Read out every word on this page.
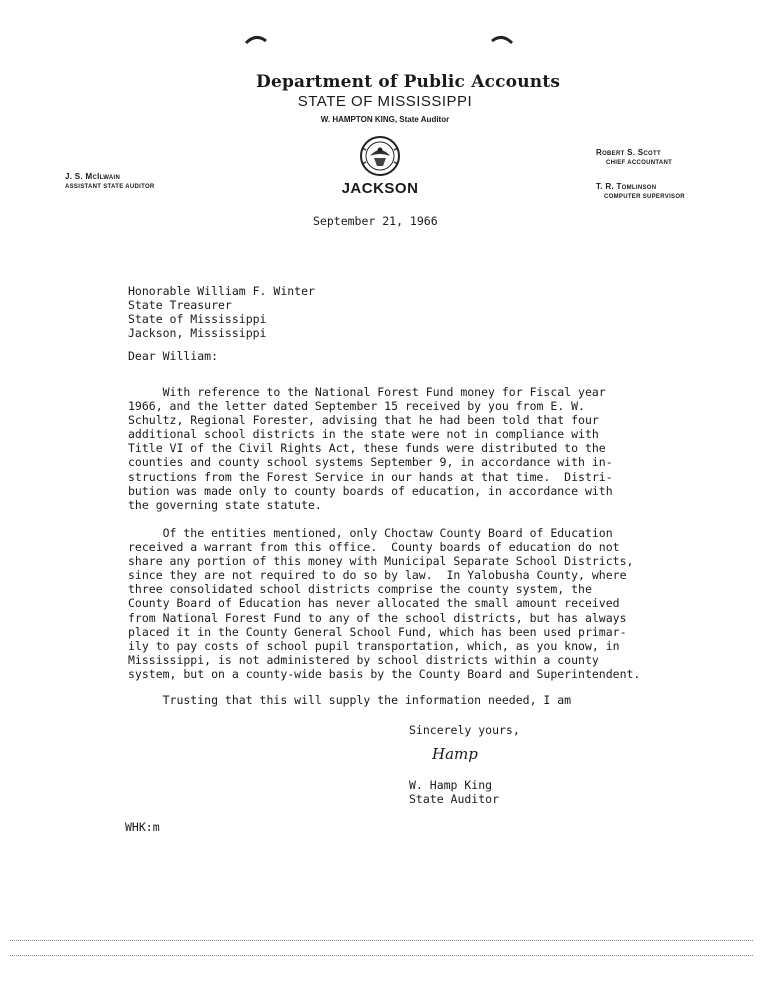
Department of Public Accounts
STATE OF MISSISSIPPI
W. HAMPTON KING, State Auditor
JACKSON
J. S. McIlwain
ASSISTANT STATE AUDITOR
Robert S. Scott
CHIEF ACCOUNTANT
T. R. Tomlinson
COMPUTER SUPERVISOR
September 21, 1966
Honorable William F. Winter
State Treasurer
State of Mississippi
Jackson, Mississippi
Dear William:
With reference to the National Forest Fund money for Fiscal year
1966, and the letter dated September 15 received by you from E. W.
Schultz, Regional Forester, advising that he had been told that four
additional school districts in the state were not in compliance with
Title VI of the Civil Rights Act, these funds were distributed to the
counties and county school systems September 9, in accordance with in-
structions from the Forest Service in our hands at that time.  Distri-
bution was made only to county boards of education, in accordance with
the governing state statute.
Of the entities mentioned, only Choctaw County Board of Education
received a warrant from this office.  County boards of education do not
share any portion of this money with Municipal Separate School Districts,
since they are not required to do so by law.  In Yalobusha County, where
three consolidated school districts comprise the county system, the
County Board of Education has never allocated the small amount received
from National Forest Fund to any of the school districts, but has always
placed it in the County General School Fund, which has been used primar-
ily to pay costs of school pupil transportation, which, as you know, in
Mississippi, is not administered by school districts within a county
system, but on a county-wide basis by the County Board and Superintendent.
Trusting that this will supply the information needed, I am
Sincerely yours,
Hamp
W. Hamp King
State Auditor
WHK:m
